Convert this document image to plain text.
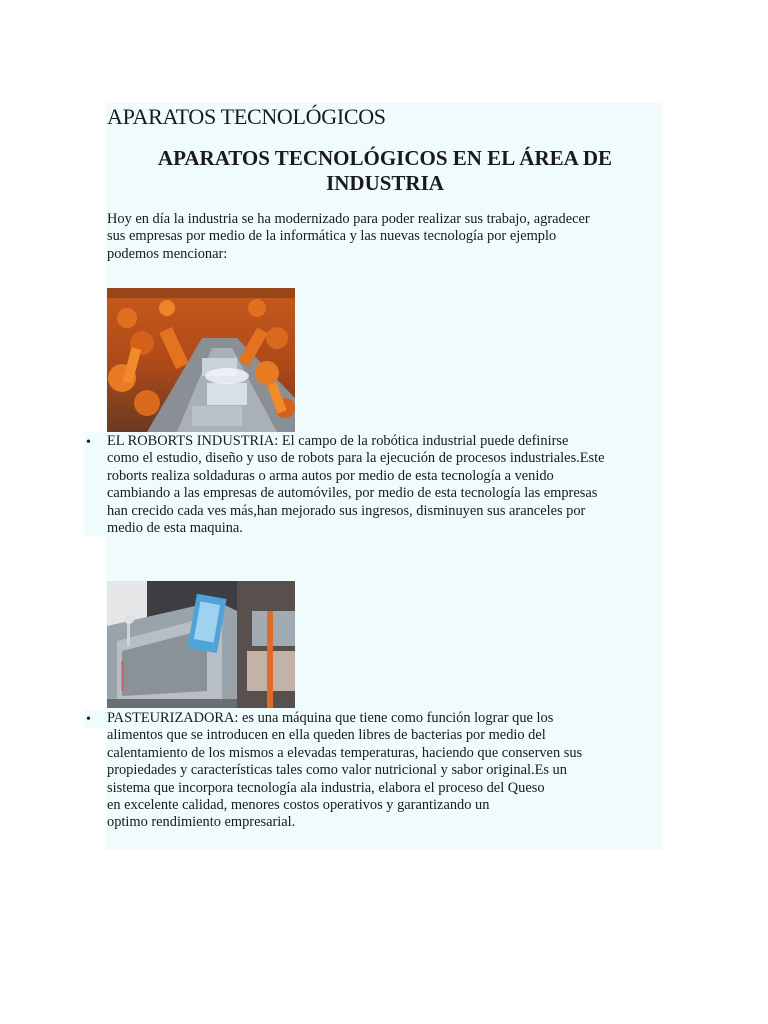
APARATOS TECNOLÓGICOS
APARATOS TECNOLÓGICOS EN EL ÁREA DE
INDUSTRIA
Hoy en día la industria se ha modernizado para poder realizar sus trabajo, agradecer
sus empresas por medio de la informática y las nuevas tecnología por ejemplo
podemos mencionar:
• EL ROBORTS INDUSTRIA: El campo de la robótica industrial puede definirse
como el estudio, diseño y uso de robots para la ejecución de procesos industriales.Este
roborts realiza soldaduras o arma autos por medio de esta tecnología a venido
cambiando a las empresas de automóviles, por medio de esta tecnología las empresas
han crecido cada ves más,han mejorado sus ingresos, disminuyen sus aranceles por
medio de esta maquina.
• PASTEURIZADORA: es una máquina que tiene como función lograr que los
alimentos que se introducen en ella queden libres de bacterias por medio del
calentamiento de los mismos a elevadas temperaturas, haciendo que conserven sus
propiedades y características tales como valor nutricional y sabor original.Es un
sistema que incorpora tecnología ala industria, elabora el proceso del Queso
en excelente calidad, menores costos operativos y garantizando un
optimo rendimiento empresarial.
